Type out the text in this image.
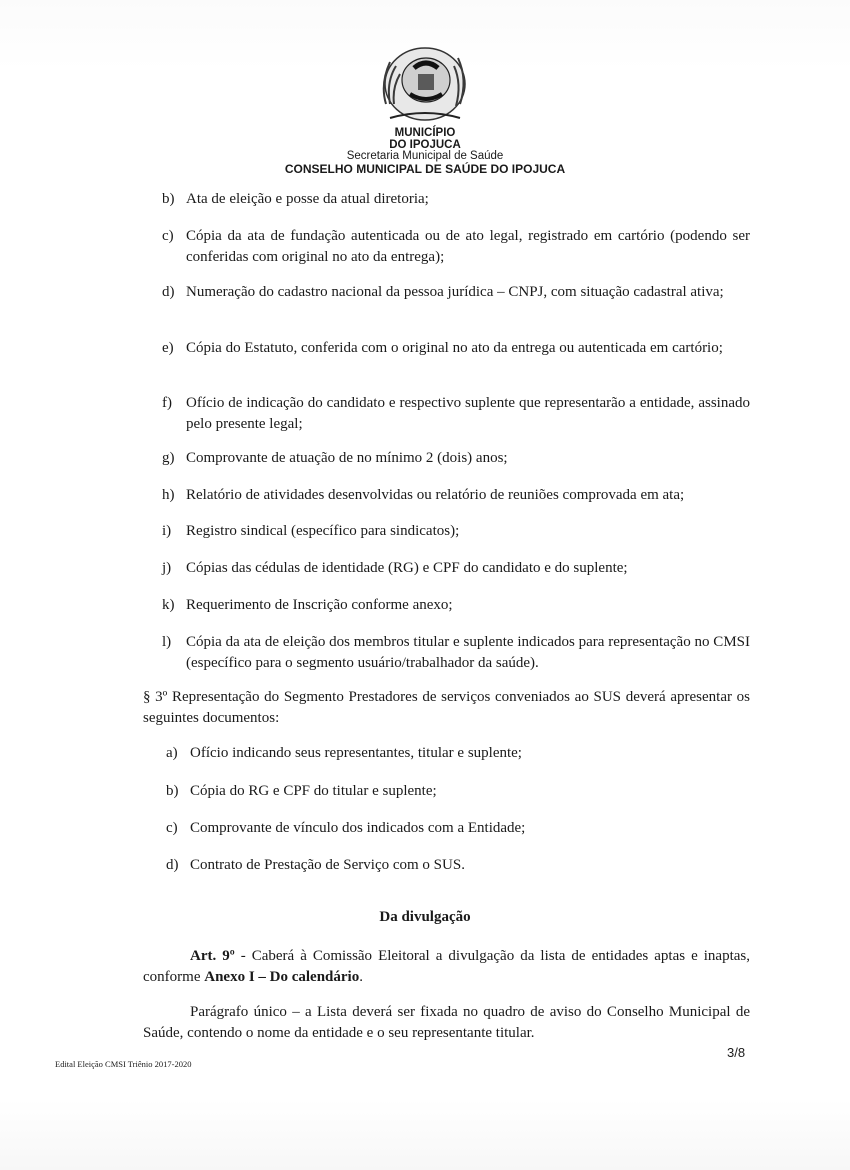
MUNICÍPIO

DO IPOJUCA

Secretaria Municipal de Saúde

CONSELHO MUNICIPAL DE SAÚDE DO IPOJUCA

b) Ata de eleição e posse da atual diretoria;
c) Cópia da ata de fundação autenticada ou de ato legal, registrado em cartório (podendo ser conferidas com original no ato da entrega);
d) Numeração do cadastro nacional da pessoa jurídica – CNPJ, com situação cadastral ativa;
e) Cópia do Estatuto, conferida com o original no ato da entrega ou autenticada em cartório;
f) Ofício de indicação do candidato e respectivo suplente que representarão a entidade, assinado pelo presente legal;
g) Comprovante de atuação de no mínimo 2 (dois) anos;
h) Relatório de atividades desenvolvidas ou relatório de reuniões comprovada em ata;
i) Registro sindical (específico para sindicatos);
j) Cópias das cédulas de identidade (RG) e CPF do candidato e do suplente;
k) Requerimento de Inscrição conforme anexo;
l) Cópia da ata de eleição dos membros titular e suplente indicados para representação no CMSI (específico para o segmento usuário/trabalhador da saúde).
§ 3º Representação do Segmento Prestadores de serviços conveniados ao SUS deverá apresentar os seguintes documentos:
a) Ofício indicando seus representantes, titular e suplente;
b) Cópia do RG e CPF do titular e suplente;
c) Comprovante de vínculo dos indicados com a Entidade;
d) Contrato de Prestação de Serviço com o SUS.
Da divulgação
Art. 9º - Caberá à Comissão Eleitoral a divulgação da lista de entidades aptas e inaptas, conforme Anexo I – Do calendário.
Parágrafo único – a Lista deverá ser fixada no quadro de aviso do Conselho Municipal de Saúde, contendo o nome da entidade e o seu representante titular.
Edital Eleição CMSI Triênio 2017-2020
3/8
